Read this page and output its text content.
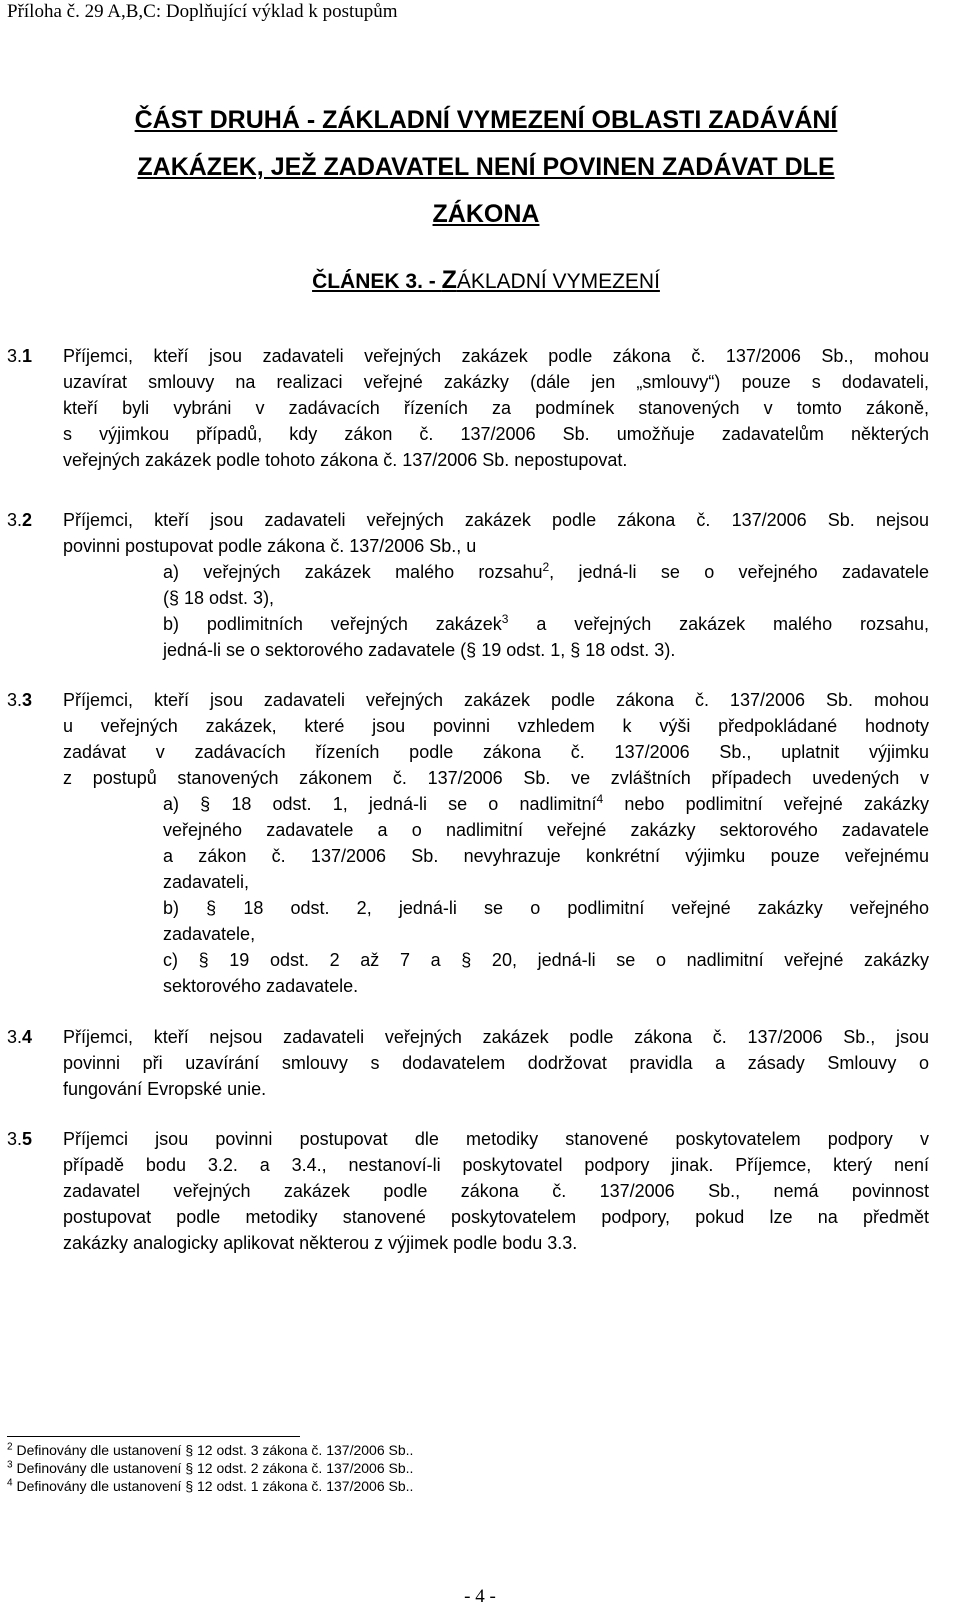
Příloha č. 29 A,B,C: Doplňující výklad k postupům
ČÁST DRUHÁ - ZÁKLADNÍ VYMEZENÍ OBLASTI ZADÁVÁNÍ
ZAKÁZEK, JEŽ ZADAVATEL NENÍ POVINEN ZADÁVAT DLE
ZÁKONA
ČLÁNEK 3. - ZÁKLADNÍ VYMEZENÍ
3.1 Příjemci, kteří jsou zadavateli veřejných zakázek podle zákona č. 137/2006 Sb., mohou
uzavírat smlouvy na realizaci veřejné zakázky (dále jen „smlouvy“) pouze s dodavateli,
kteří byli vybráni v zadávacích řízeních za podmínek stanovených v tomto zákoně,
s výjimkou případů, kdy zákon č. 137/2006 Sb. umožňuje zadavatelům některých
veřejných zakázek podle tohoto zákona č. 137/2006 Sb. nepostupovat.
3.2 Příjemci, kteří jsou zadavateli veřejných zakázek podle zákona č. 137/2006 Sb. nejsou
povinni postupovat podle zákona č. 137/2006 Sb., u
a) veřejných zakázek malého rozsahu$^2$, jedná-li se o veřejného zadavatele
(§ 18 odst. 3),
b) podlimitních veřejných zakázek$^3$ a veřejných zakázek malého rozsahu,
jedná-li se o sektorového zadavatele (§ 19 odst. 1, § 18 odst. 3).
3.3 Příjemci, kteří jsou zadavateli veřejných zakázek podle zákona č. 137/2006 Sb. mohou
u veřejných zakázek, které jsou povinni vzhledem k výši předpokládané hodnoty
zadávat v zadávacích řízeních podle zákona č. 137/2006 Sb., uplatnit výjimku
z postupů stanovených zákonem č. 137/2006 Sb. ve zvláštních případech uvedených v
a) § 18 odst. 1, jedná-li se o nadlimitní$^4$ nebo podlimitní veřejné zakázky
veřejného zadavatele a o nadlimitní veřejné zakázky sektorového zadavatele
a zákon č. 137/2006 Sb. nevyhrazuje konkrétní výjimku pouze veřejnému
zadavateli,
b) § 18 odst. 2, jedná-li se o podlimitní veřejné zakázky veřejného
zadavatele,
c) § 19 odst. 2 až 7 a § 20, jedná-li se o nadlimitní veřejné zakázky
sektorového zadavatele.
3.4 Příjemci, kteří nejsou zadavateli veřejných zakázek podle zákona č. 137/2006 Sb., jsou
povinni při uzavírání smlouvy s dodavatelem dodržovat pravidla a zásady Smlouvy o
fungování Evropské unie.
3.5 Příjemci jsou povinni postupovat dle metodiky stanovené poskytovatelem podpory v
případě bodu 3.2. a 3.4., nestanoví-li poskytovatel podpory jinak. Příjemce, který není
zadavatel veřejných zakázek podle zákona č. 137/2006 Sb., nemá povinnost
postupovat podle metodiky stanovené poskytovatelem podpory, pokud lze na předmět
zakázky analogicky aplikovat některou z výjimek podle bodu 3.3.
$^2$ Definovány dle ustanovení § 12 odst. 3 zákona č. 137/2006 Sb..
$^3$ Definovány dle ustanovení § 12 odst. 2 zákona č. 137/2006 Sb..
$^4$ Definovány dle ustanovení § 12 odst. 1 zákona č. 137/2006 Sb..
- 4 -
